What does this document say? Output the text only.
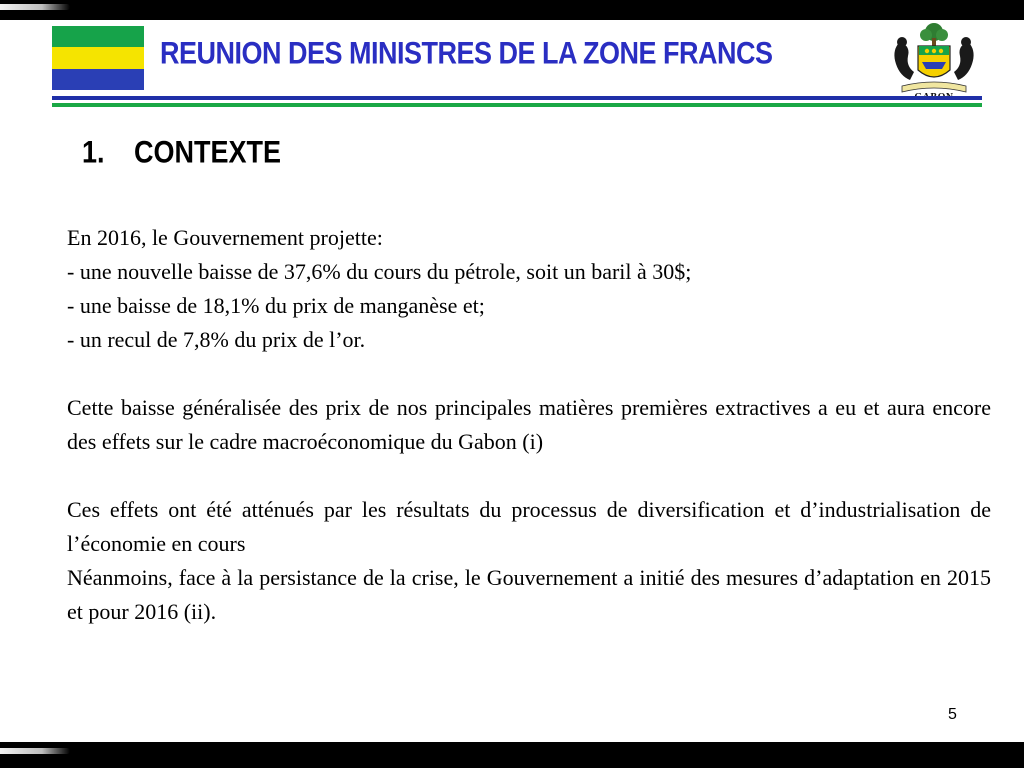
REUNION DES MINISTRES DE LA ZONE FRANCS
1. CONTEXTE

En 2016, le Gouvernement projette:

- une nouvelle baisse de 37,6% du cours du pétrole, soit un baril à 30$;

- une baisse de 18,1% du prix de manganèse et;

- un recul de 7,8% du prix de l’or.

Cette baisse généralisée des prix de nos principales matières premières extractives a eu et aura encore des effets sur le cadre macroéconomique du Gabon (i)

Ces effets ont été atténués par les résultats du processus de diversification et d’industrialisation de l’économie en cours

Néanmoins, face à la persistance de la crise, le Gouvernement a initié des mesures d’adaptation en 2015 et pour 2016 (ii).

5
